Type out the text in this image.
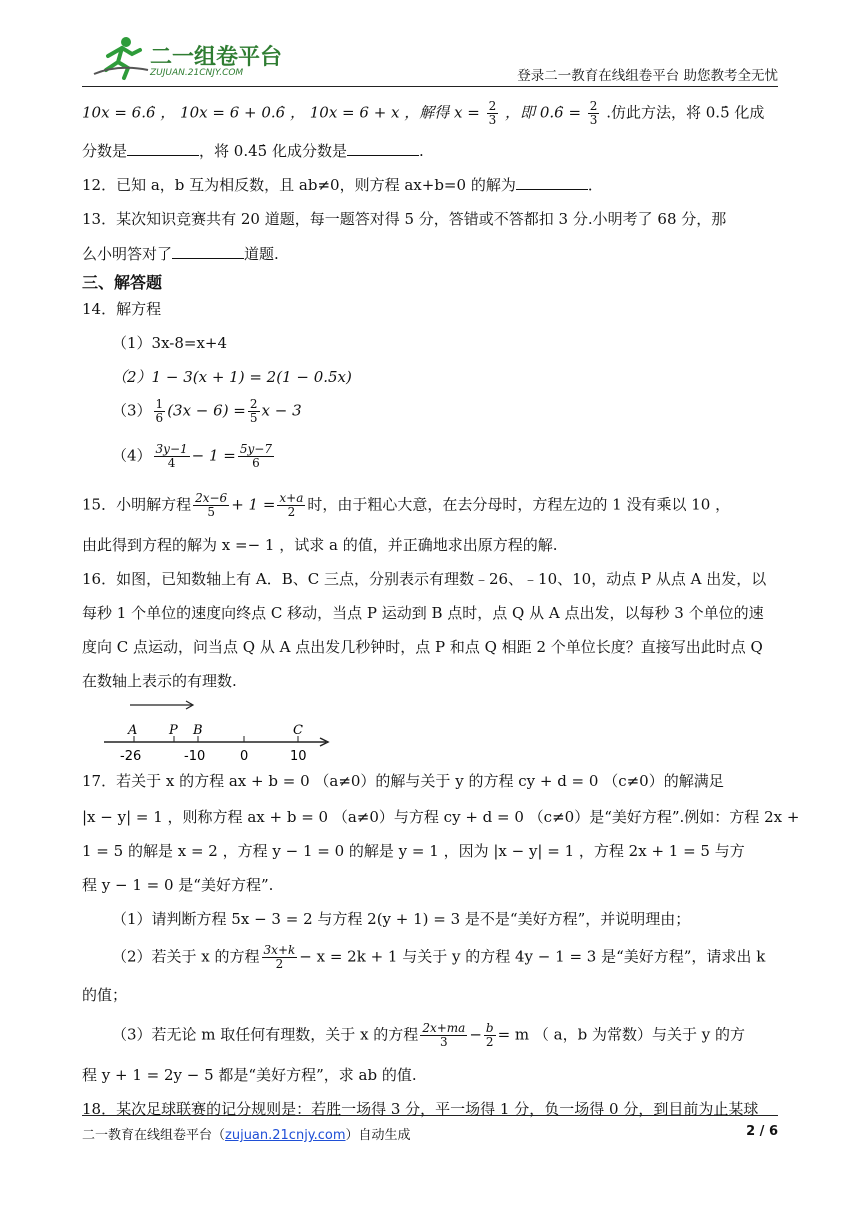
二一组卷平台
ZUJUAN.21CNJY.COM	登录二一教育在线组卷平台 助您教考全无忧
10x = 6.6̇ ， 10x = 6 + 0.6̇ ， 10x = 6 + x ，解得 $x = \frac{2}{3}$ ，即 0.6̇ = $\frac{2}{3}$ .仿此方法，将 0.5̇ 化成
分数是	，将 0.4̇5̇ 化成分数是	.
12．已知 a，b 互为相反数，且 ab≠0，则方程 ax+b=0 的解为	．
13．某次知识竞赛共有 20 道题，每一题答对得 5 分，答错或不答都扣 3 分.小明考了 68 分，那
么小明答对了	道题.
三、解答题
14．解方程
（1）3x-8=x+4
（2）1 − 3(x + 1) = 2(1 − 0.5x)
$(3) \frac{1}{6} (3x - 6) = \frac{2}{5}$ x − 3
$(4) \frac{3y-1}{4} - 1 = \frac{5y-7}{6}$
15．小明解方程 $\frac{2x-6}{5} + 1 = \frac{x+a}{2}$ 时，由于粗心大意，在去分母时，方程左边的 1 没有乘以 10 ，
由此得到方程的解为 x =− 1 ，试求 a 的值，并正确地求出原方程的解.
16．如图，已知数轴上有 A．B、C 三点，分别表示有理数﹣26、﹣10、10，动点 P 从点 A 出发，以
每秒 1 个单位的速度向终点 C 移动，当点 P 运动到 B 点时，点 Q 从 A 点出发，以每秒 3 个单位的速
度向 C 点运动，问当点 Q 从 A 点出发几秒钟时，点 P 和点 Q 相距 2 个单位长度？直接写出此时点 Q
在数轴上表示的有理数.
A P B	C
-26	-10	0	10
17．若关于 x 的方程 ax + b = 0 （a≠0）的解与关于 y 的方程 cy + d = 0 （c≠0）的解满足
|x − y| = 1 ，则称方程 ax + b = 0 （a≠0）与方程 cy + d = 0 （c≠0）是“美好方程”.例如：方程 2x +
1 = 5 的解是 x = 2 ，方程 y − 1 = 0 的解是 y = 1 ，因为 |x − y| = 1 ，方程 2x + 1 = 5 与方
程 y − 1 = 0 是“美好方程”.
（1）请判断方程 5x − 3 = 2 与方程 2(y + 1) = 3 是不是“美好方程”，并说明理由；
（2）若关于 x 的方程 $\frac{3x+k}{2} - x = 2k + 1$ 与关于 y 的方程 4y − 1 = 3 是“美好方程”，请求出 k
的值；
（3）若无论 m 取任何有理数，关于 x 的方程 $\frac{2x+ma}{3} - \frac{b}{2} = m$ （ a，b 为常数）与关于 y 的方
程 y + 1 = 2y − 5 都是“美好方程”，求 ab 的值.
18．某次足球联赛的记分规则是：若胜一场得 3 分，平一场得 1 分，负一场得 0 分，到目前为止某球
二一教育在线组卷平台（zujuan.21cnjy.com）自动生成	2 / 6
